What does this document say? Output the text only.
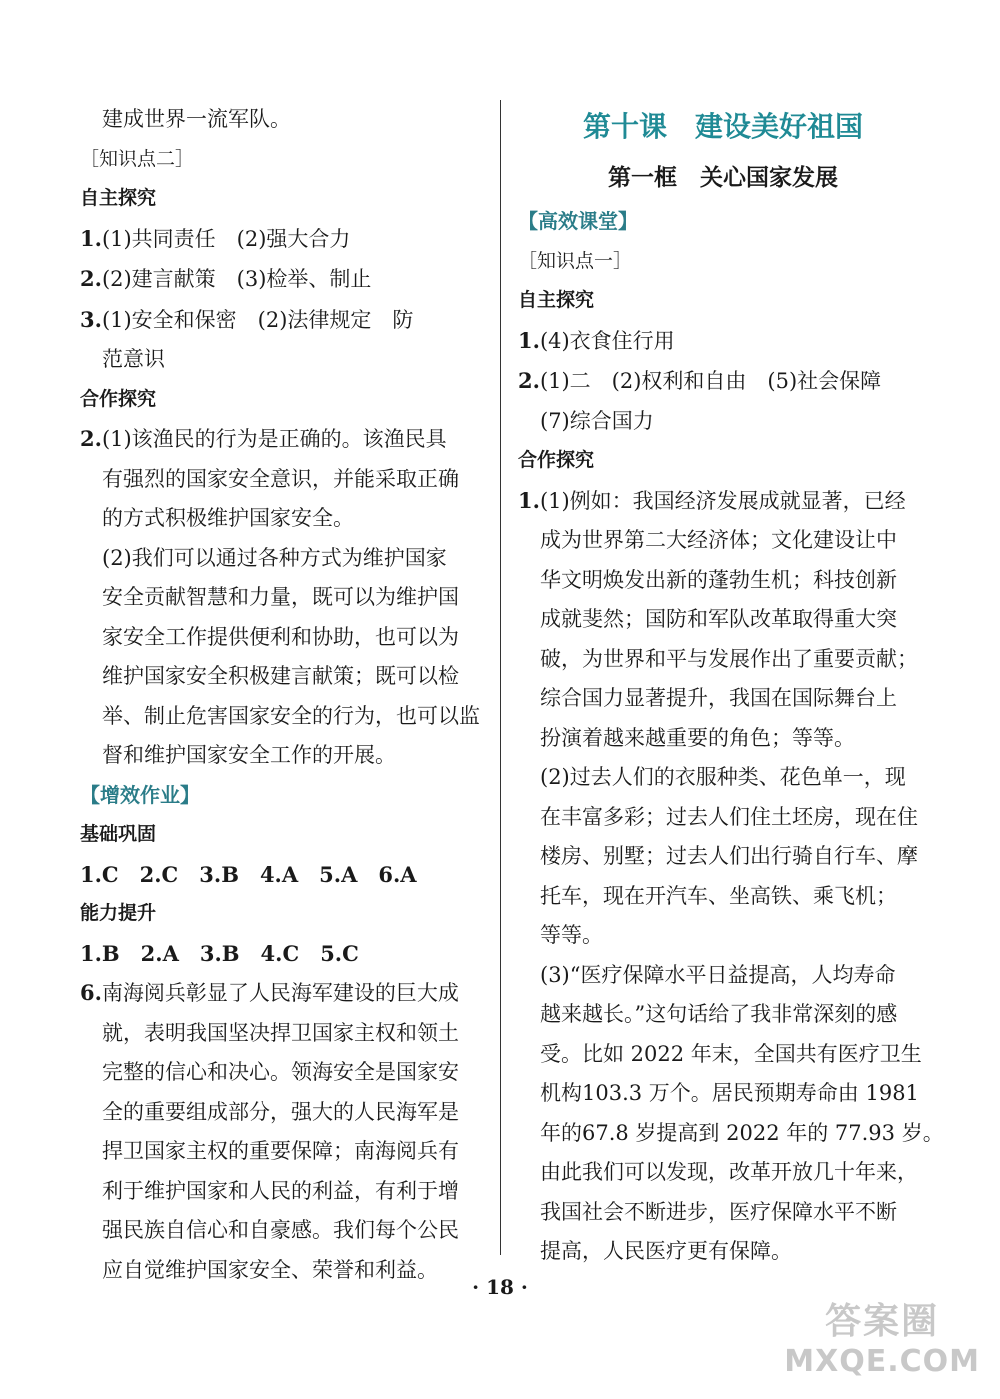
建成世界一流军队。
［知识点二］
自主探究
1.(1)共同责任　(2)强大合力
2.(2)建言献策　(3)检举、制止
3.(1)安全和保密　(2)法律规定　防
范意识
合作探究
2.(1)该渔民的行为是正确的。该渔民具
有强烈的国家安全意识，并能采取正确
的方式积极维护国家安全。
(2)我们可以通过各种方式为维护国家
安全贡献智慧和力量，既可以为维护国
家安全工作提供便利和协助，也可以为
维护国家安全积极建言献策；既可以检
举、制止危害国家安全的行为，也可以监
督和维护国家安全工作的开展。
【增效作业】
基础巩固
1.C　2.C　3.B　4.A　5.A　6.A
能力提升
1.B　2.A　3.B　4.C　5.C
6.南海阅兵彰显了人民海军建设的巨大成
就，表明我国坚决捍卫国家主权和领土
完整的信心和决心。领海安全是国家安
全的重要组成部分，强大的人民海军是
捍卫国家主权的重要保障；南海阅兵有
利于维护国家和人民的利益，有利于增
强民族自信心和自豪感。我们每个公民
应自觉维护国家安全、荣誉和利益。
第十课　建设美好祖国
第一框　关心国家发展
【高效课堂】
［知识点一］
自主探究
1.(4)衣食住行用
2.(1)二　(2)权利和自由　(5)社会保障
(7)综合国力
合作探究
1.(1)例如：我国经济发展成就显著，已经
成为世界第二大经济体；文化建设让中
华文明焕发出新的蓬勃生机；科技创新
成就斐然；国防和军队改革取得重大突
破，为世界和平与发展作出了重要贡献；
综合国力显著提升，我国在国际舞台上
扮演着越来越重要的角色；等等。
(2)过去人们的衣服种类、花色单一，现
在丰富多彩；过去人们住土坯房，现在住
楼房、别墅；过去人们出行骑自行车、摩
托车，现在开汽车、坐高铁、乘飞机；
等等。
(3)“医疗保障水平日益提高，人均寿命
越来越长。”这句话给了我非常深刻的感
受。比如 2022 年末，全国共有医疗卫生
机构103.3 万个。居民预期寿命由 1981
年的67.8 岁提高到 2022 年的 77.93 岁。
由此我们可以发现，改革开放几十年来，
我国社会不断进步，医疗保障水平不断
提高，人民医疗更有保障。
· 18 ·
答案圈
MXQE.COM
